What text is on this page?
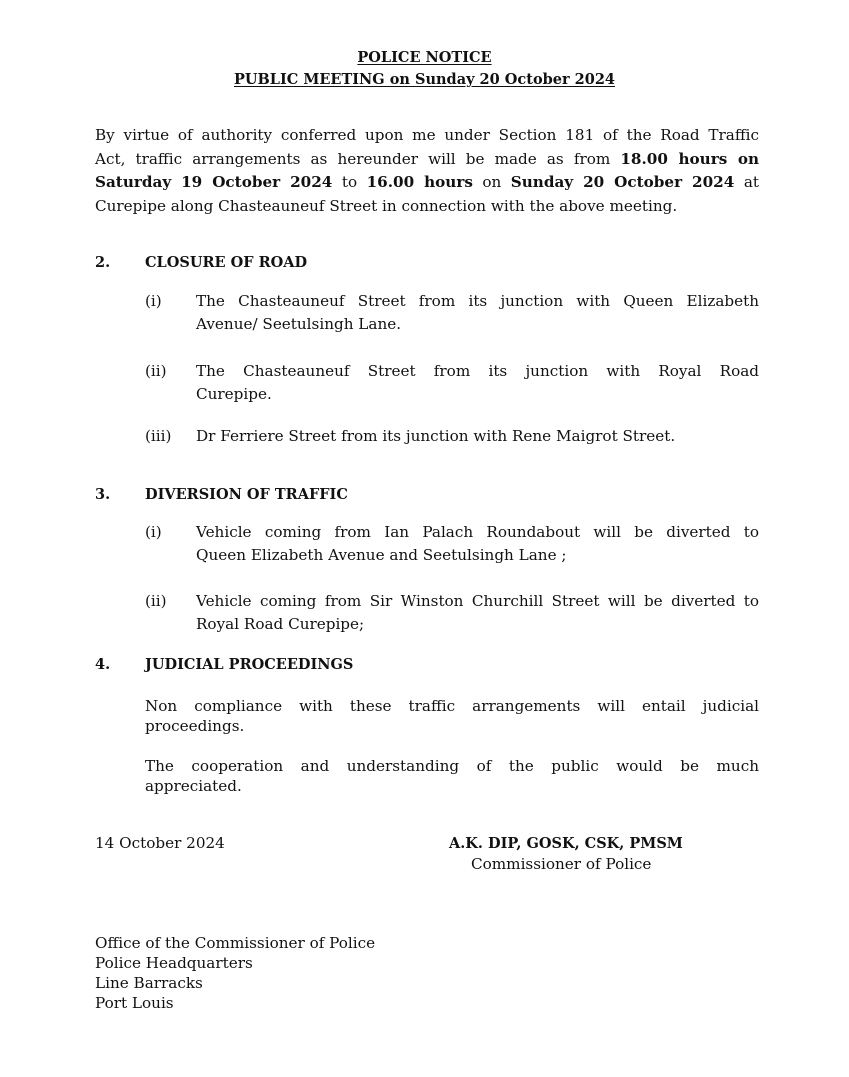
POLICE NOTICE
PUBLIC MEETING on Sunday 20 October 2024
By virtue of authority conferred upon me under Section 181 of the Road Traffic
Act, traffic arrangements as hereunder will be made as from 18.00 hours on
Saturday 19 October 2024 to 16.00 hours on Sunday 20 October 2024 at
Curepipe along Chasteauneuf Street in connection with the above meeting.
2. CLOSURE OF ROAD
(i) The Chasteauneuf Street from its junction with Queen Elizabeth
Avenue/ Seetulsingh Lane.
(ii) The Chasteauneuf Street from its junction with Royal Road
Curepipe.
(iii) Dr Ferriere Street from its junction with Rene Maigrot Street.
3. DIVERSION OF TRAFFIC
(i) Vehicle coming from Ian Palach Roundabout will be diverted to
Queen Elizabeth Avenue and Seetulsingh Lane ;
(ii) Vehicle coming from Sir Winston Churchill Street will be diverted to
Royal Road Curepipe;
4. JUDICIAL PROCEEDINGS
Non compliance with these traffic arrangements will entail judicial
proceedings.
The cooperation and understanding of the public would be much
appreciated.
14 October 2024	A.K. DIP, GOSK, CSK, PMSM
Commissioner of Police
Office of the Commissioner of Police
Police Headquarters
Line Barracks
Port Louis
